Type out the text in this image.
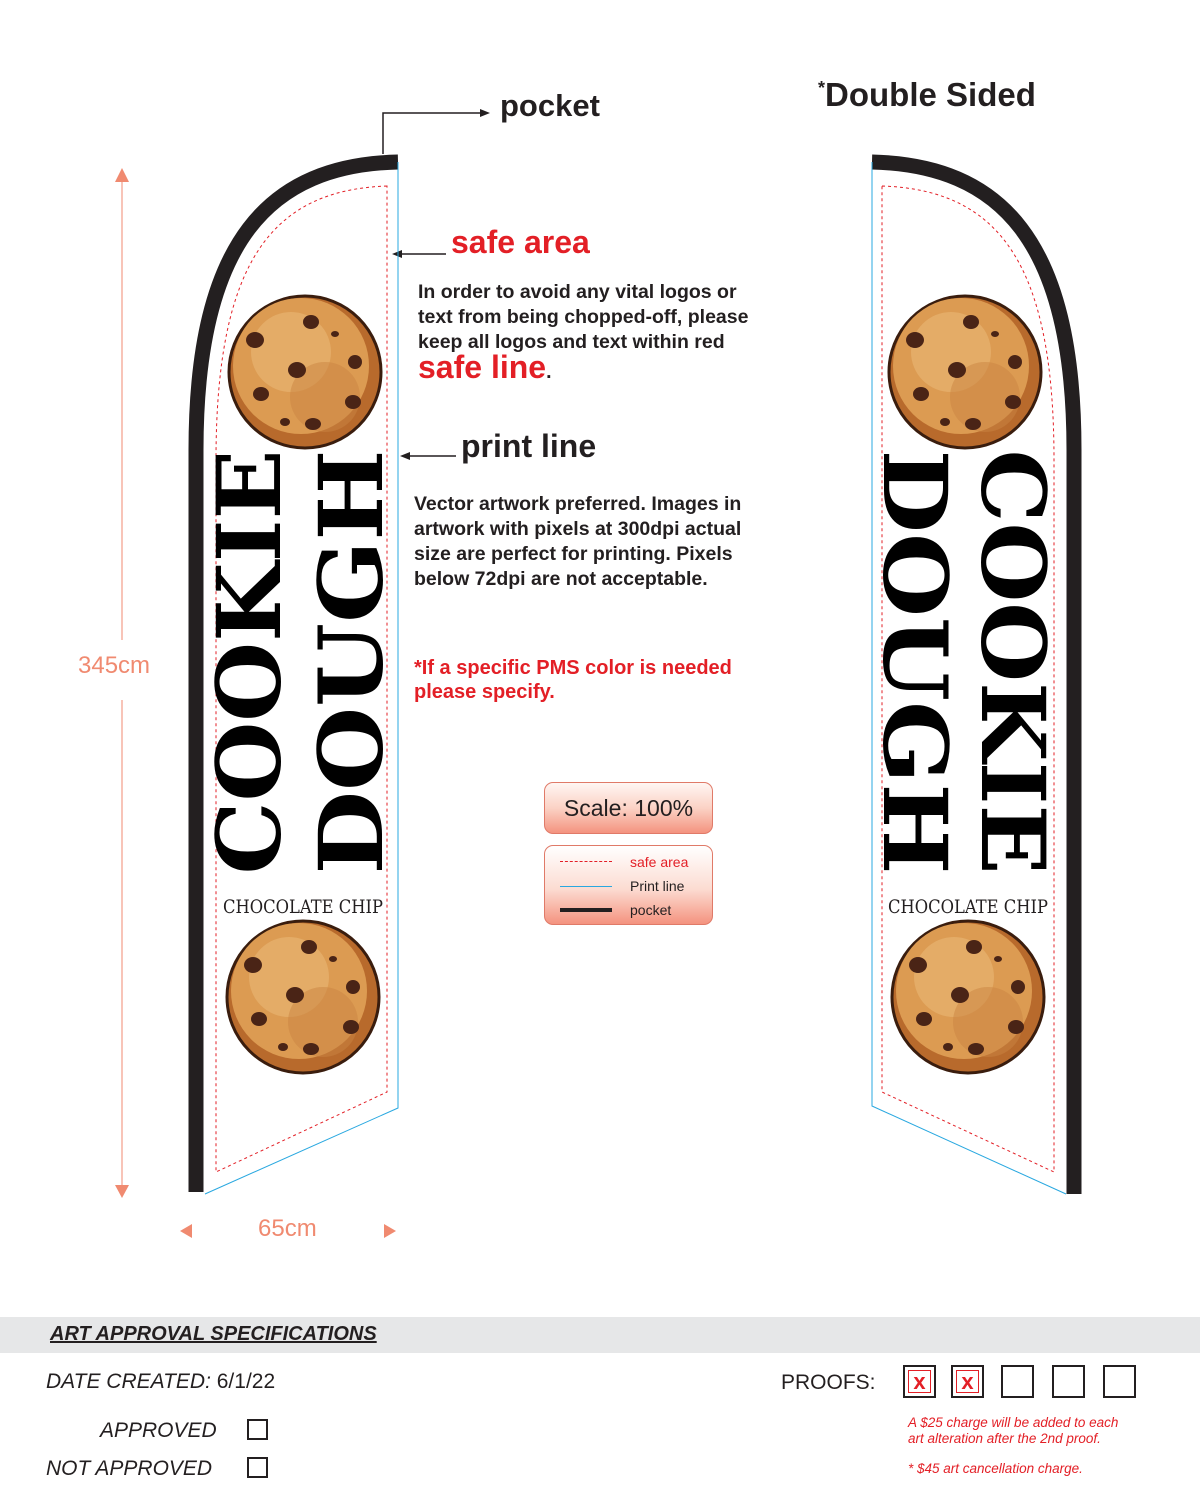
COOKIE
DOUGH
CHOCOLATE CHIP
COOKIE
DOUGH
CHOCOLATE CHIP
pocket	*Double Sided
safe area
In order to avoid any vital logos or text from being chopped-off, please keep all logos and text within red safe line.
print line
Vector artwork preferred. Images in artwork with pixels at 300dpi actual size are perfect for printing. Pixels below 72dpi are not acceptable.
*If a specific PMS color is needed please specify.
Scale: 100%
safe area
Print line
pocket
345cm
65cm
ART APPROVAL SPECIFICATIONS
DATE CREATED: 6/1/22
APPROVED
NOT APPROVED
PROOFS:	x	x
A $25 charge will be added to each
art alteration after the 2nd proof.
* $45 art cancellation charge.
